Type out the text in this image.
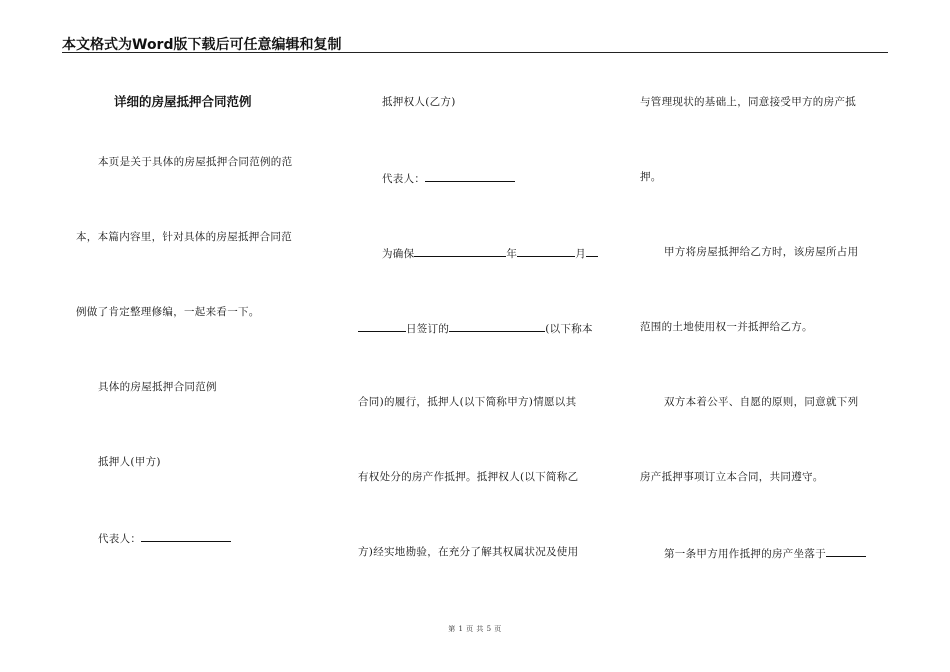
本文格式为Word版下载后可任意编辑和复制
详细的房屋抵押合同范例
本页是关于具体的房屋抵押合同范例的范
本，本篇内容里，针对具体的房屋抵押合同范
例做了肯定整理修编，一起来看一下。
具体的房屋抵押合同范例
抵押人(甲方)
代表人：
抵押权人(乙方)
代表人：
为确保	年	月
日签订的	(以下称本
合同)的履行，抵押人(以下简称甲方)情愿以其
有权处分的房产作抵押。抵押权人(以下简称乙
方)经实地勘验，在充分了解其权属状况及使用
与管理现状的基础上，同意接受甲方的房产抵
押。
甲方将房屋抵押给乙方时，该房屋所占用
范围的土地使用权一并抵押给乙方。
双方本着公平、自愿的原则，同意就下列
房产抵押事项订立本合同，共同遵守。
第一条甲方用作抵押的房产坐落于
第 1 页 共 5 页
